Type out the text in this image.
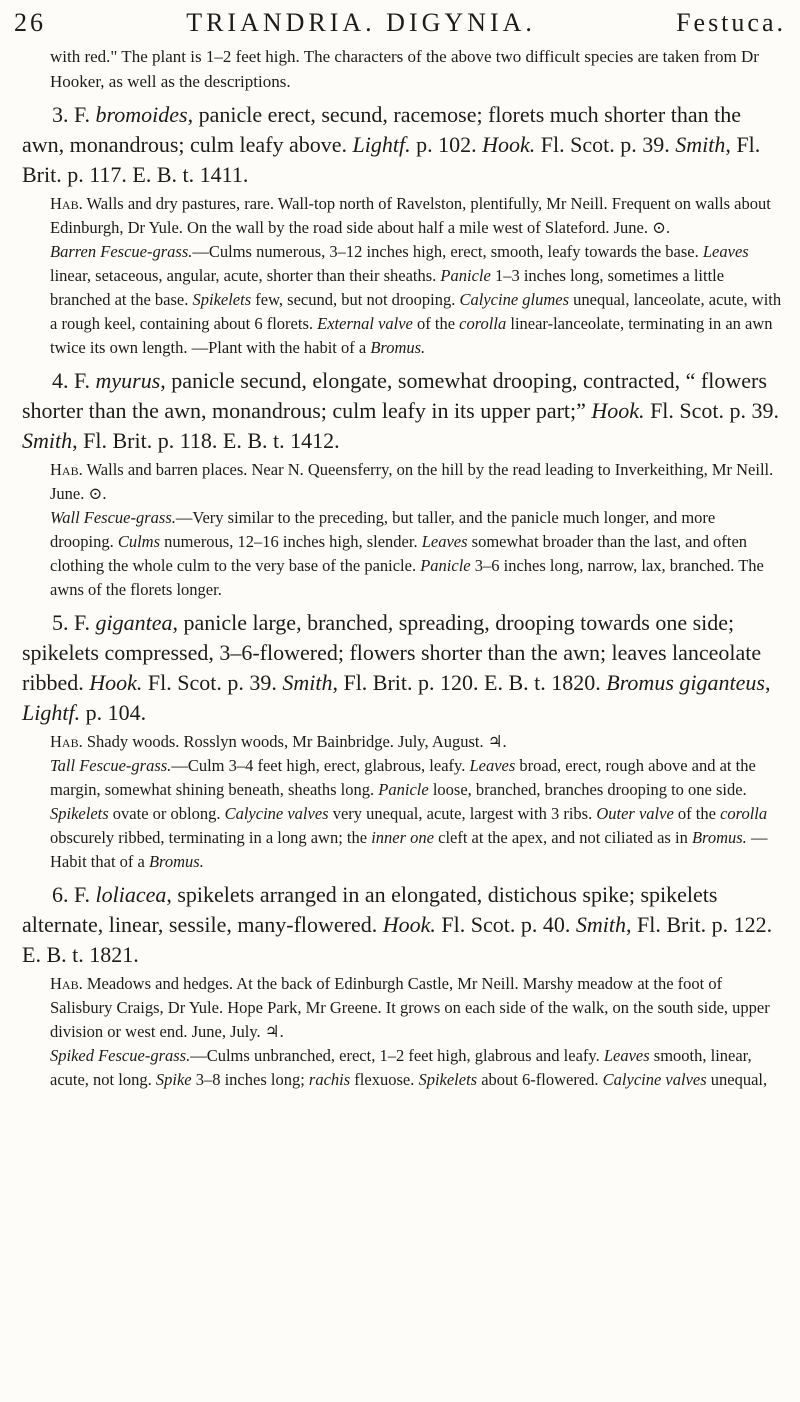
26	TRIANDRIA. DIGYNIA.	Festuca.

with red." The plant is 1–2 feet high. The characters of the above two difficult species are taken from Dr Hooker, as well as the descriptions.

3. F. bromoides, panicle erect, secund, racemose; florets much shorter than the awn, monandrous; culm leafy above. Lightf. p. 102. Hook. Fl. Scot. p. 39. Smith, Fl. Brit. p. 117. E. B. t. 1411.

Hab. Walls and dry pastures, rare. Wall-top north of Ravelston, plentifully, Mr Neill. Frequent on walls about Edinburgh, Dr Yule. On the wall by the road side about half a mile west of Slateford. June. ⊙.

Barren Fescue-grass.—Culms numerous, 3–12 inches high, erect, smooth, leafy towards the base. Leaves linear, setaceous, angular, acute, shorter than their sheaths. Panicle 1–3 inches long, sometimes a little branched at the base. Spikelets few, secund, but not drooping. Calycine glumes unequal, lanceolate, acute, with a rough keel, containing about 6 florets. External valve of the corolla linear-lanceolate, terminating in an awn twice its own length. —Plant with the habit of a Bromus.

4. F. myurus, panicle secund, elongate, somewhat drooping, contracted, “ flowers shorter than the awn, monandrous; culm leafy in its upper part;” Hook. Fl. Scot. p. 39. Smith, Fl. Brit. p. 118. E. B. t. 1412.

Hab. Walls and barren places. Near N. Queensferry, on the hill by the read leading to Inverkeithing, Mr Neill. June. ⊙.

Wall Fescue-grass.—Very similar to the preceding, but taller, and the panicle much longer, and more drooping. Culms numerous, 12–16 inches high, slender. Leaves somewhat broader than the last, and often clothing the whole culm to the very base of the panicle. Panicle 3–6 inches long, narrow, lax, branched. The awns of the florets longer.

5. F. gigantea, panicle large, branched, spreading, drooping towards one side; spikelets compressed, 3–6-flowered; flowers shorter than the awn; leaves lanceolate ribbed. Hook. Fl. Scot. p. 39. Smith, Fl. Brit. p. 120. E. B. t. 1820. Bromus giganteus, Lightf. p. 104.

Hab. Shady woods. Rosslyn woods, Mr Bainbridge. July, August. ♃.

Tall Fescue-grass.—Culm 3–4 feet high, erect, glabrous, leafy. Leaves broad, erect, rough above and at the margin, somewhat shining beneath, sheaths long. Panicle loose, branched, branches drooping to one side. Spikelets ovate or oblong. Calycine valves very unequal, acute, largest with 3 ribs. Outer valve of the corolla obscurely ribbed, terminating in a long awn; the inner one cleft at the apex, and not ciliated as in Bromus. —Habit that of a Bromus.

6. F. loliacea, spikelets arranged in an elongated, distichous spike; spikelets alternate, linear, sessile, many-flowered. Hook. Fl. Scot. p. 40. Smith, Fl. Brit. p. 122. E. B. t. 1821.

Hab. Meadows and hedges. At the back of Edinburgh Castle, Mr Neill. Marshy meadow at the foot of Salisbury Craigs, Dr Yule. Hope Park, Mr Greene. It grows on each side of the walk, on the south side, upper division or west end. June, July. ♃.

Spiked Fescue-grass.—Culms unbranched, erect, 1–2 feet high, glabrous and leafy. Leaves smooth, linear, acute, not long. Spike 3–8 inches long; rachis flexuose. Spikelets about 6-flowered. Calycine valves unequal,
